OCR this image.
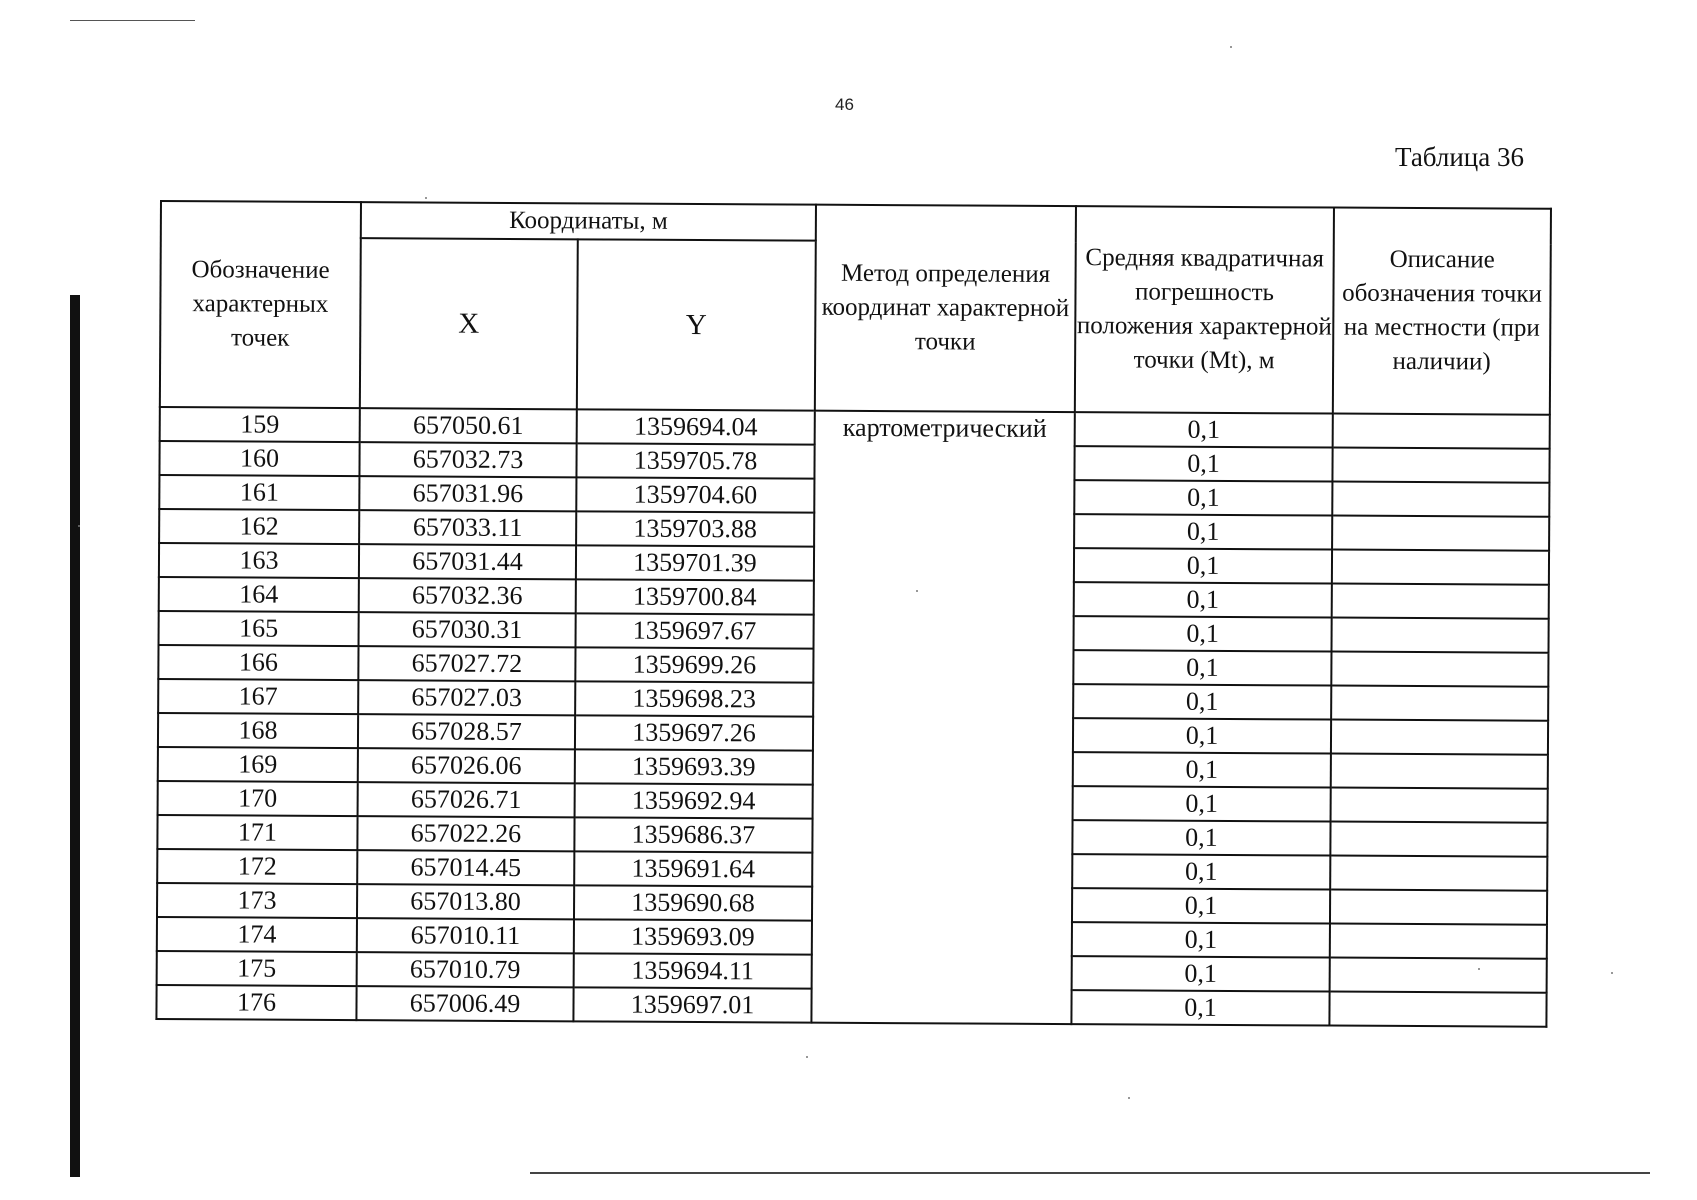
46
Таблица 36
Обозначение характерных точек	Координаты, м		Метод определения координат характерной точки	Средняя квадратичная погрешность положения характерной точки (Mt), м	Описание обозначения точки на местности (при наличии)
	X	Y			
159	657050.61	1359694.04	картометрический	0,1	
160	657032.73	1359705.78		0,1	
161	657031.96	1359704.60		0,1	
162	657033.11	1359703.88		0,1	
163	657031.44	1359701.39		0,1	
164	657032.36	1359700.84		0,1	
165	657030.31	1359697.67		0,1	
166	657027.72	1359699.26		0,1	
167	657027.03	1359698.23		0,1	
168	657028.57	1359697.26		0,1	
169	657026.06	1359693.39		0,1	
170	657026.71	1359692.94		0,1	
171	657022.26	1359686.37		0,1	
172	657014.45	1359691.64		0,1	
173	657013.80	1359690.68		0,1	
174	657010.11	1359693.09		0,1	
175	657010.79	1359694.11		0,1	
176	657006.49	1359697.01		0,1	
